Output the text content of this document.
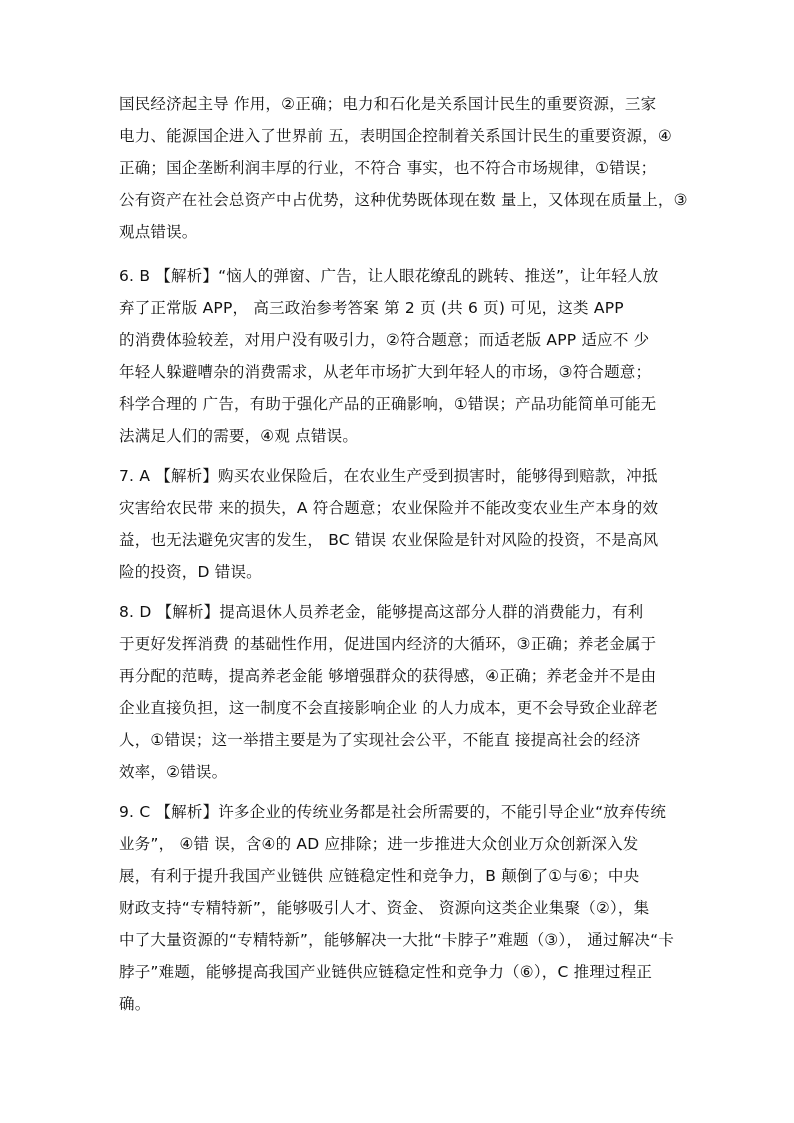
国民经济起主导 作用，②正确；电力和石化是关系国计民生的重要资源，三家
电力、能源国企进入了世界前 五，表明国企控制着关系国计民生的重要资源，④
正确；国企垄断利润丰厚的行业，不符合 事实，也不符合市场规律，①错误；
公有资产在社会总资产中占优势，这种优势既体现在数 量上，又体现在质量上，③
观点错误。
6. B 【解析】“恼人的弹窗、广告，让人眼花缭乱的跳转、推送”，让年轻人放
弃了正常版 APP， 高三政治参考答案 第 2 页 (共 6 页) 可见，这类 APP
的消费体验较差，对用户没有吸引力，②符合题意；而适老版 APP 适应不 少
年轻人躲避嘈杂的消费需求，从老年市场扩大到年轻人的市场，③符合题意；
科学合理的 广告，有助于强化产品的正确影响，①错误；产品功能简单可能无
法满足人们的需要，④观 点错误。
7. A 【解析】购买农业保险后，在农业生产受到损害时，能够得到赔款，冲抵
灾害给农民带 来的损失，A 符合题意；农业保险并不能改变农业生产本身的效
益，也无法避免灾害的发生， BC 错误 农业保险是针对风险的投资，不是高风
险的投资，D 错误。
8. D 【解析】提高退休人员养老金，能够提高这部分人群的消费能力，有利
于更好发挥消费 的基础性作用，促进国内经济的大循环，③正确；养老金属于
再分配的范畴，提高养老金能 够增强群众的获得感，④正确；养老金并不是由
企业直接负担，这一制度不会直接影响企业 的人力成本，更不会导致企业辞老
人，①错误；这一举措主要是为了实现社会公平，不能直 接提高社会的经济
效率，②错误。
9. C 【解析】许多企业的传统业务都是社会所需要的，不能引导企业“放弃传统
业务”， ④错 误，含④的 AD 应排除；进一步推进大众创业万众创新深入发
展，有利于提升我国产业链供 应链稳定性和竞争力，B 颠倒了①与⑥；中央
财政支持“专精特新”，能够吸引人才、资金、 资源向这类企业集聚（②），集
中了大量资源的“专精特新”，能够解决一大批“卡脖子”难题（③）， 通过解决“卡
脖子”难题，能够提高我国产业链供应链稳定性和竞争力（⑥），C 推理过程正
确。
